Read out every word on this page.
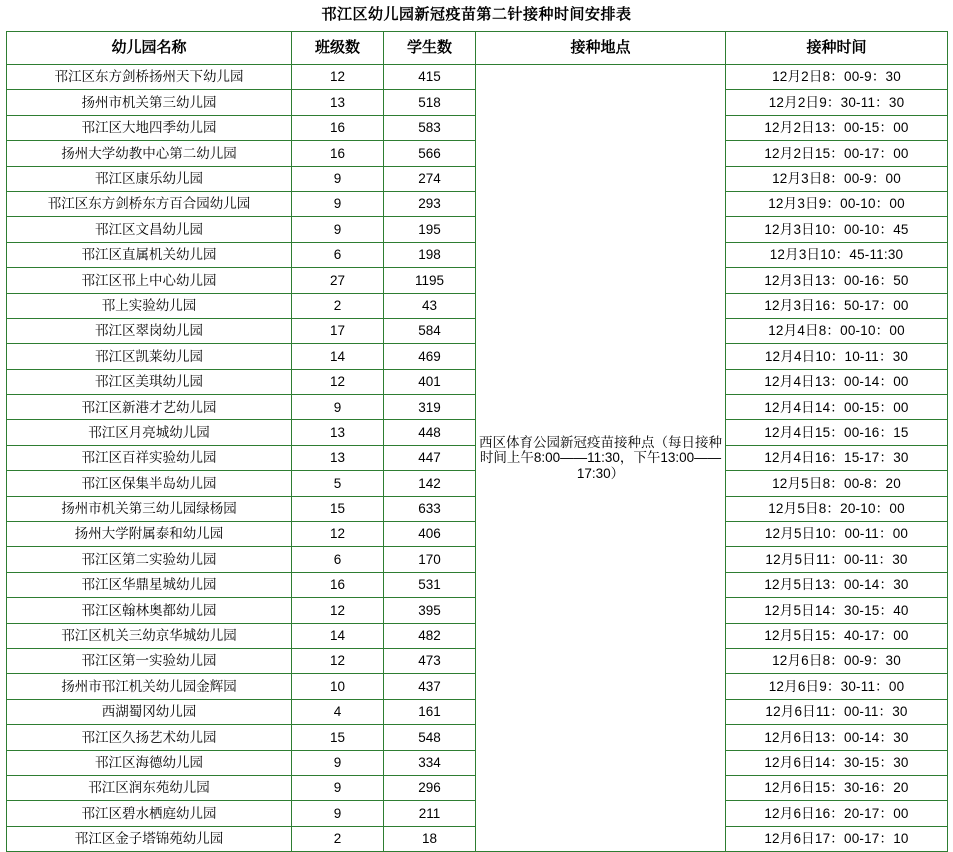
邗江区幼儿园新冠疫苗第二针接种时间安排表
幼儿园名称	班级数	学生数	接种地点	接种时间
邗江区东方剑桥扬州天下幼儿园	12	415	西区体育公园新冠疫苗接种点（每日接种时间上午8:00——11:30，下午13:00——17:30）	12月2日8：00-9：30
扬州市机关第三幼儿园	13	518		12月2日9：30-11：30
邗江区大地四季幼儿园	16	583		12月2日13：00-15：00
扬州大学幼教中心第二幼儿园	16	566		12月2日15：00-17：00
邗江区康乐幼儿园	9	274		12月3日8：00-9：00
邗江区东方剑桥东方百合园幼儿园	9	293		12月3日9：00-10：00
邗江区文昌幼儿园	9	195		12月3日10：00-10：45
邗江区直属机关幼儿园	6	198		12月3日10：45-11:30
邗江区邗上中心幼儿园	27	1195		12月3日13：00-16：50
邗上实验幼儿园	2	43		12月3日16：50-17：00
邗江区翠岗幼儿园	17	584		12月4日8：00-10：00
邗江区凯莱幼儿园	14	469		12月4日10：10-11：30
邗江区美琪幼儿园	12	401		12月4日13：00-14：00
邗江区新港才艺幼儿园	9	319		12月4日14：00-15：00
邗江区月亮城幼儿园	13	448		12月4日15：00-16：15
邗江区百祥实验幼儿园	13	447		12月4日16：15-17：30
邗江区保集半岛幼儿园	5	142		12月5日8：00-8：20
扬州市机关第三幼儿园绿杨园	15	633		12月5日8：20-10：00
扬州大学附属泰和幼儿园	12	406		12月5日10：00-11：00
邗江区第二实验幼儿园	6	170		12月5日11：00-11：30
邗江区华鼎星城幼儿园	16	531		12月5日13：00-14：30
邗江区翰林奥都幼儿园	12	395		12月5日14：30-15：40
邗江区机关三幼京华城幼儿园	14	482		12月5日15：40-17：00
邗江区第一实验幼儿园	12	473		12月6日8：00-9：30
扬州市邗江机关幼儿园金辉园	10	437		12月6日9：30-11：00
西湖蜀冈幼儿园	4	161		12月6日11：00-11：30
邗江区久扬艺术幼儿园	15	548		12月6日13：00-14：30
邗江区海德幼儿园	9	334		12月6日14：30-15：30
邗江区润东苑幼儿园	9	296		12月6日15：30-16：20
邗江区碧水栖庭幼儿园	9	211		12月6日16：20-17：00
邗江区金子塔锦苑幼儿园	2	18		12月6日17：00-17：10
